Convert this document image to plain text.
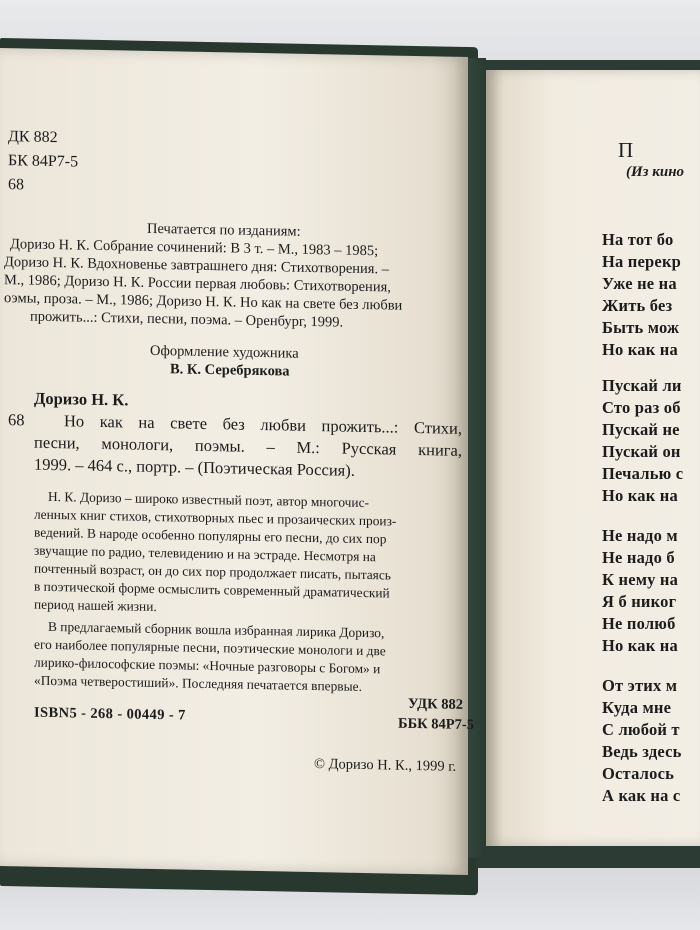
ДК 882
БК 84Р7-5
68
Печатается по изданиям:
Доризо Н. К. Собрание сочинений: В 3 т. – М., 1983 – 1985;
Доризо Н. К. Вдохновенье завтрашнего дня: Стихотворения. –
М., 1986; Доризо Н. К. России первая любовь: Стихотворения,
оэмы, проза. – М., 1986; Доризо Н. К. Но как на свете без любви
прожить...: Стихи, песни, поэма. – Оренбург, 1999.
Оформление художника
В. К. Серебрякова
Доризо Н. К.
68 Но как на свете без любви прожить...: Стихи,
песни, монологи, поэмы. – М.: Русская книга,
1999. – 464 с., портр. – (Поэтическая Россия).
Н. К. Доризо – широко известный поэт, автор многочис-
ленных книг стихов, стихотворных пьес и прозаических произ-
ведений. В народе особенно популярны его песни, до сих пор
звучащие по радио, телевидению и на эстраде. Несмотря на
почтенный возраст, он до сих пор продолжает писать, пытаясь
в поэтической форме осмыслить современный драматический
период нашей жизни.
В предлагаемый сборник вошла избранная лирика Доризо,
его наиболее популярные песни, поэтические монологи и две
лирико-философские поэмы: «Ночные разговоры с Богом» и
«Поэма четверостиший». Последняя печатается впервые.
УДК 882
ISBN5 - 268 - 00449 - 7
ББК 84Р7-5
© Доризо Н. К., 1999 г.
П
(Из кино
На тот бо
На перекр
Уже не на
Жить без
Быть мож
Но как на
Пускай ли
Сто раз об
Пускай не
Пускай он
Печалью с
Но как на
Не надо м
Не надо б
К нему на
Я б никог
Не полюб
Но как на
От этих м
Куда мне
С любой т
Ведь здесь
Осталось
А как на с
